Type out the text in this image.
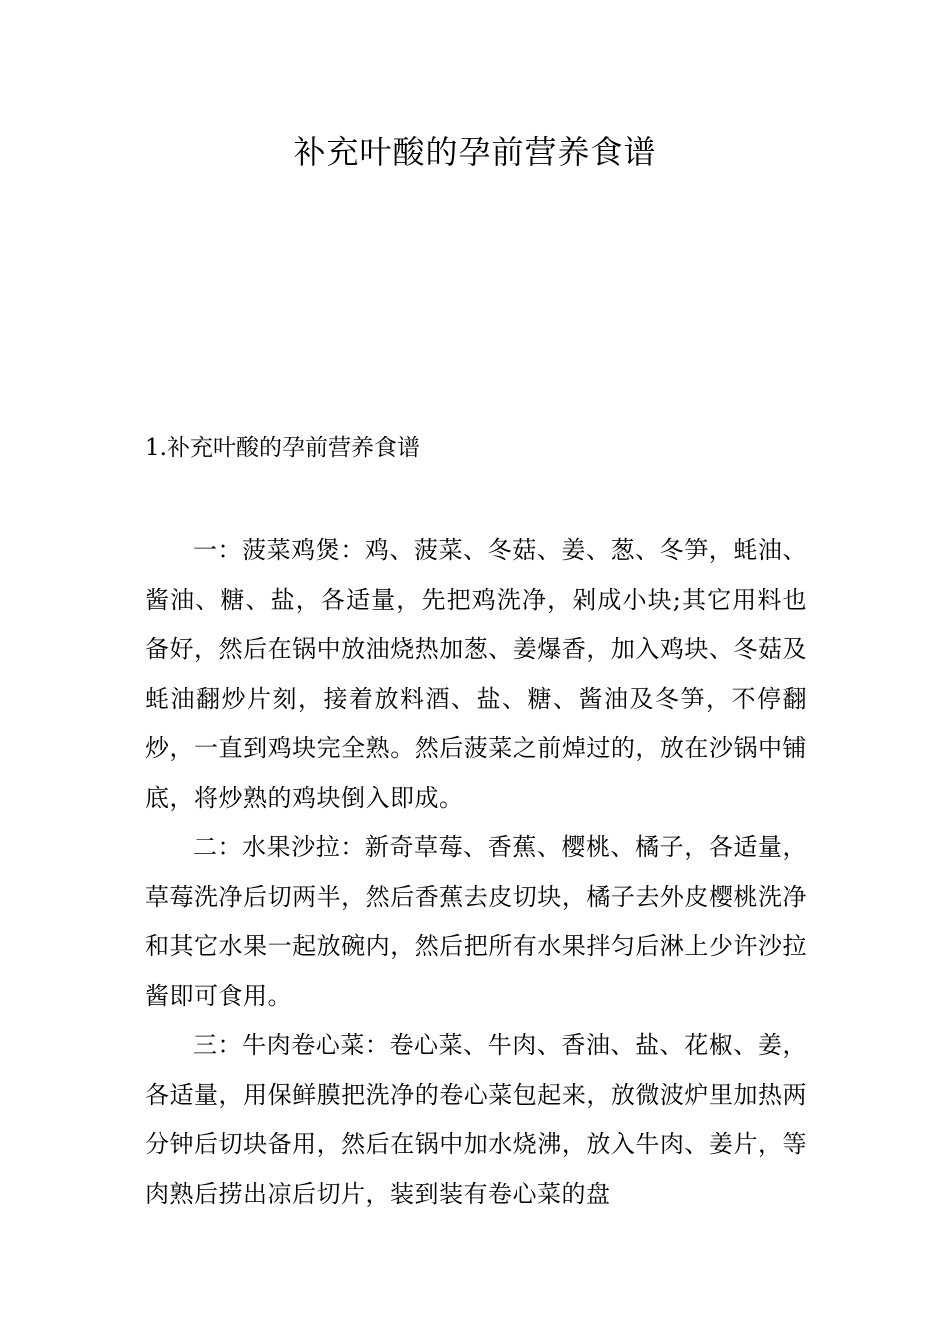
补充叶酸的孕前营养食谱
1.补充叶酸的孕前营养食谱

一：菠菜鸡煲：鸡、菠菜、冬菇、姜、葱、冬笋，蚝油、酱油、糖、盐，各适量，先把鸡洗净，剁成小块;其它用料也备好，然后在锅中放油烧热加葱、姜爆香，加入鸡块、冬菇及蚝油翻炒片刻，接着放料酒、盐、糖、酱油及冬笋，不停翻炒，一直到鸡块完全熟。然后菠菜之前焯过的，放在沙锅中铺底，将炒熟的鸡块倒入即成。

二：水果沙拉：新奇草莓、香蕉、樱桃、橘子，各适量，草莓洗净后切两半，然后香蕉去皮切块，橘子去外皮樱桃洗净和其它水果一起放碗内，然后把所有水果拌匀后淋上少许沙拉酱即可食用。

三：牛肉卷心菜：卷心菜、牛肉、香油、盐、花椒、姜，各适量，用保鲜膜把洗净的卷心菜包起来，放微波炉里加热两分钟后切块备用，然后在锅中加水烧沸，放入牛肉、姜片，等肉熟后捞出凉后切片，装到装有卷心菜的盘
